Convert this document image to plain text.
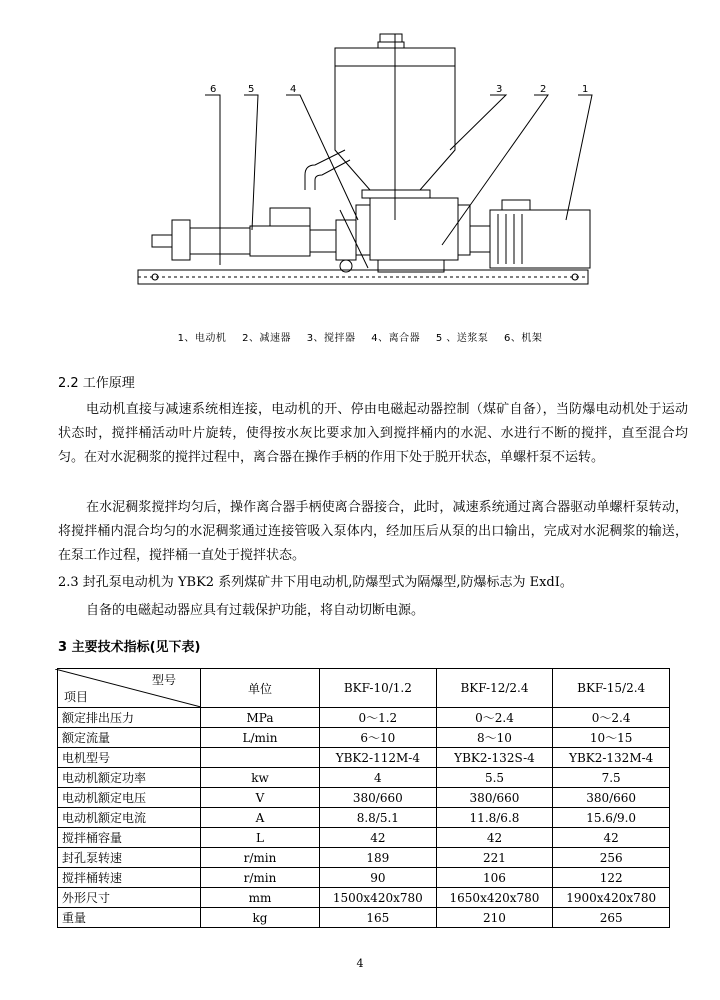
6	5	4	3	2	1
1、电动机 2、减速器 3、搅拌器 4、离合器 5 、送浆泵 6、机架
2.2 工作原理
电动机直接与减速系统相连接，电动机的开、停由电磁起动器控制（煤矿自备），当防爆电动机处于运动状态时，搅拌桶活动叶片旋转，使得按水灰比要求加入到搅拌桶内的水泥、水进行不断的搅拌，直至混合均匀。在对水泥稠浆的搅拌过程中，离合器在操作手柄的作用下处于脱开状态，单螺杆泵不运转。
在水泥稠浆搅拌均匀后，操作离合器手柄使离合器接合，此时，减速系统通过离合器驱动单螺杆泵转动，将搅拌桶内混合均匀的水泥稠浆通过连接管吸入泵体内，经加压后从泵的出口输出，完成对水泥稠浆的输送，在泵工作过程，搅拌桶一直处于搅拌状态。
2.3 封孔泵电动机为 YBK2 系列煤矿井下用电动机,防爆型式为隔爆型,防爆标志为 ExdI。
自备的电磁起动器应具有过载保护功能，将自动切断电源。
3 主要技术指标(见下表)
型号
项目	单位	BKF-10/1.2	BKF-12/2.4	BKF-15/2.4
额定排出压力	MPa	0～1.2	0～2.4	0～2.4
额定流量	L/min	6～10	8～10	10～15
电机型号		YBK2-112M-4	YBK2-132S-4	YBK2-132M-4
电动机额定功率	kw	4	5.5	7.5
电动机额定电压	V	380/660	380/660	380/660
电动机额定电流	A	8.8/5.1	11.8/6.8	15.6/9.0
搅拌桶容量	L	42	42	42
封孔泵转速	r/min	189	221	256
搅拌桶转速	r/min	90	106	122
外形尺寸	mm	1500x420x780	1650x420x780	1900x420x780
重量	kg	165	210	265
4
